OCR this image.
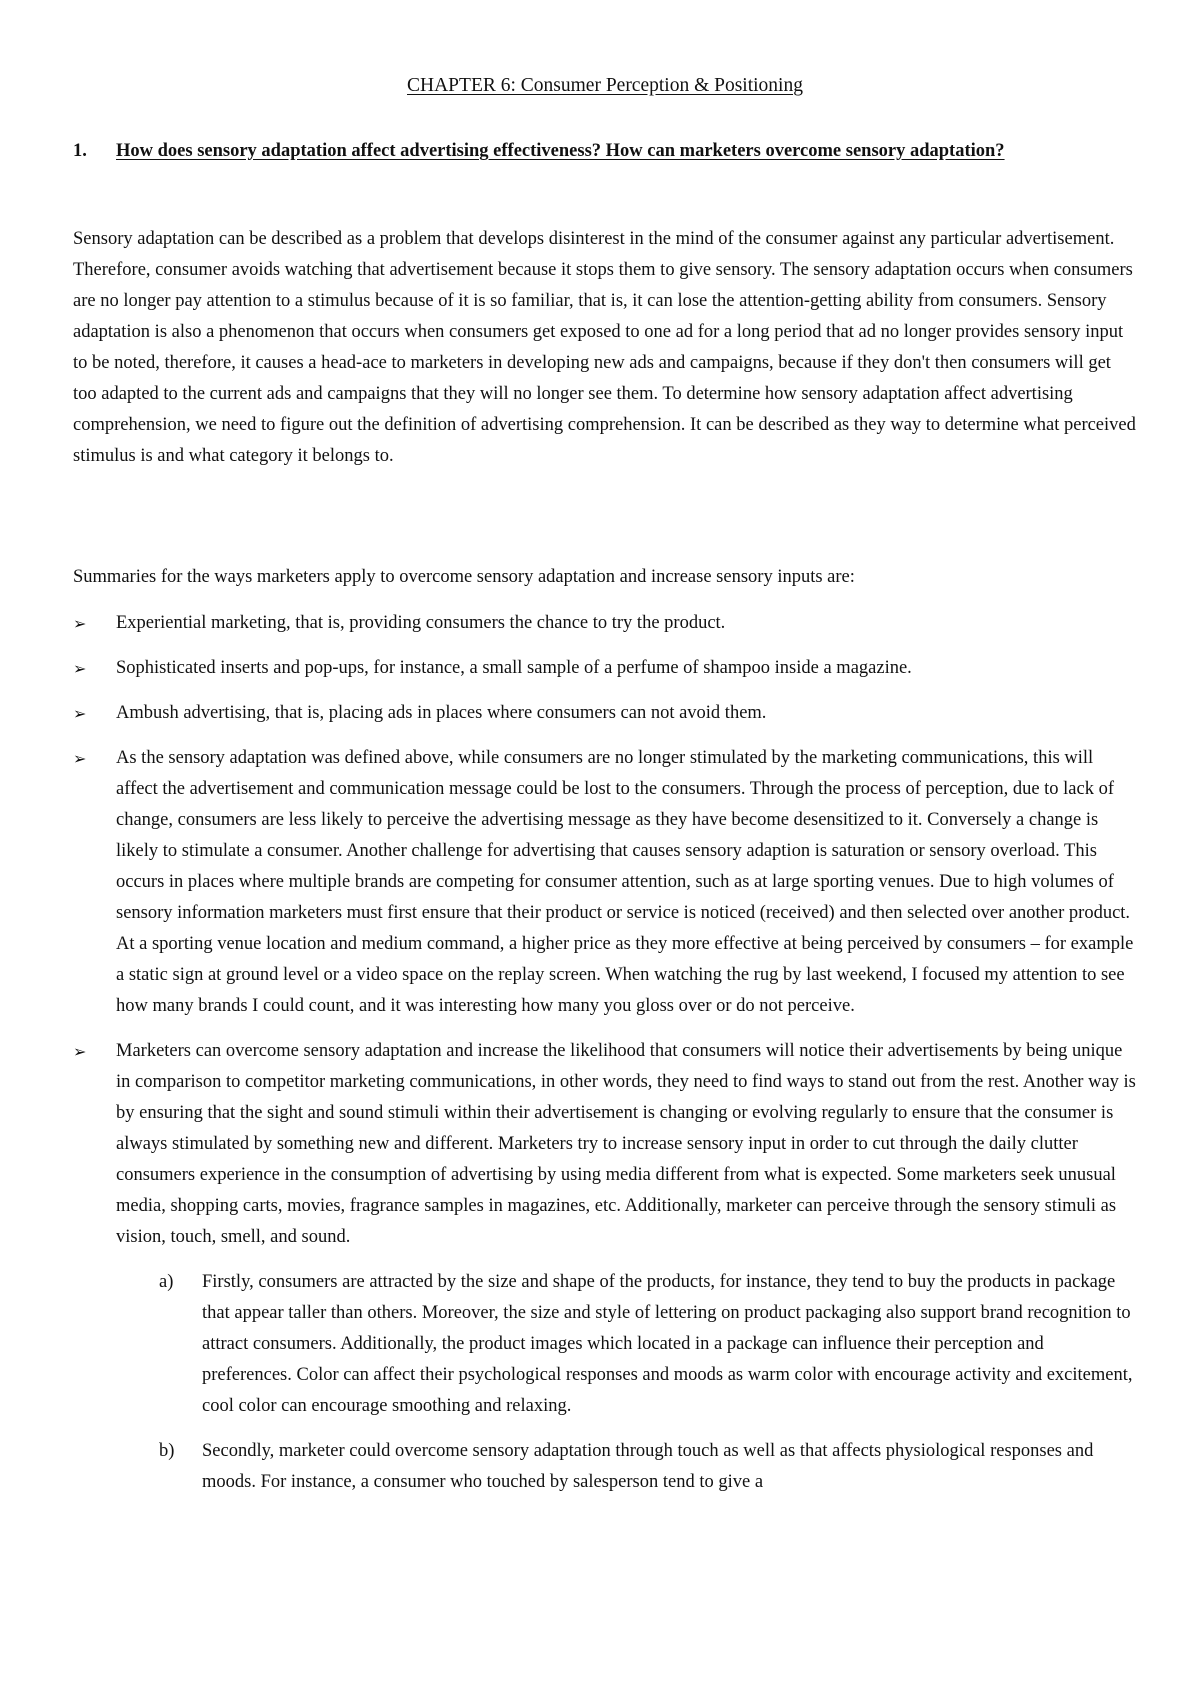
CHAPTER 6: Consumer Perception & Positioning
1. How does sensory adaptation affect advertising effectiveness? How can marketers overcome sensory adaptation?

Sensory adaptation can be described as a problem that develops disinterest in the mind of the consumer against any particular advertisement. Therefore, consumer avoids watching that advertisement because it stops them to give sensory. The sensory adaptation occurs when consumers are no longer pay attention to a stimulus because of it is so familiar, that is, it can lose the attention-getting ability from consumers. Sensory adaptation is also a phenomenon that occurs when consumers get exposed to one ad for a long period that ad no longer provides sensory input to be noted, therefore, it causes a head-ace to marketers in developing new ads and campaigns, because if they don't then consumers will get too adapted to the current ads and campaigns that they will no longer see them. To determine how sensory adaptation affect advertising comprehension, we need to figure out the definition of advertising comprehension. It can be described as they way to determine what perceived stimulus is and what category it belongs to.

Summaries for the ways marketers apply to overcome sensory adaptation and increase sensory inputs are:

➢ Experiential marketing, that is, providing consumers the chance to try the product.
➢ Sophisticated inserts and pop-ups, for instance, a small sample of a perfume of shampoo inside a magazine.
➢ Ambush advertising, that is, placing ads in places where consumers can not avoid them.
➢ As the sensory adaptation was defined above, while consumers are no longer stimulated by the marketing communications, this will affect the advertisement and communication message could be lost to the consumers. Through the process of perception, due to lack of change, consumers are less likely to perceive the advertising message as they have become desensitized to it. Conversely a change is likely to stimulate a consumer. Another challenge for advertising that causes sensory adaption is saturation or sensory overload. This occurs in places where multiple brands are competing for consumer attention, such as at large sporting venues. Due to high volumes of sensory information marketers must first ensure that their product or service is noticed (received) and then selected over another product. At a sporting venue location and medium command, a higher price as they more effective at being perceived by consumers – for example a static sign at ground level or a video space on the replay screen. When watching the rug by last weekend, I focused my attention to see how many brands I could count, and it was interesting how many you gloss over or do not perceive.
➢ Marketers can overcome sensory adaptation and increase the likelihood that consumers will notice their advertisements by being unique in comparison to competitor marketing communications, in other words, they need to find ways to stand out from the rest. Another way is by ensuring that the sight and sound stimuli within their advertisement is changing or evolving regularly to ensure that the consumer is always stimulated by something new and different. Marketers try to increase sensory input in order to cut through the daily clutter consumers experience in the consumption of advertising by using media different from what is expected. Some marketers seek unusual media, shopping carts, movies, fragrance samples in magazines, etc. Additionally, marketer can perceive through the sensory stimuli as vision, touch, smell, and sound.
a) Firstly, consumers are attracted by the size and shape of the products, for instance, they tend to buy the products in package that appear taller than others. Moreover, the size and style of lettering on product packaging also support brand recognition to attract consumers. Additionally, the product images which located in a package can influence their perception and preferences. Color can affect their psychological responses and moods as warm color with encourage activity and excitement, cool color can encourage smoothing and relaxing.
b) Secondly, marketer could overcome sensory adaptation through touch as well as that affects physiological responses and moods. For instance, a consumer who touched by salesperson tend to give a
